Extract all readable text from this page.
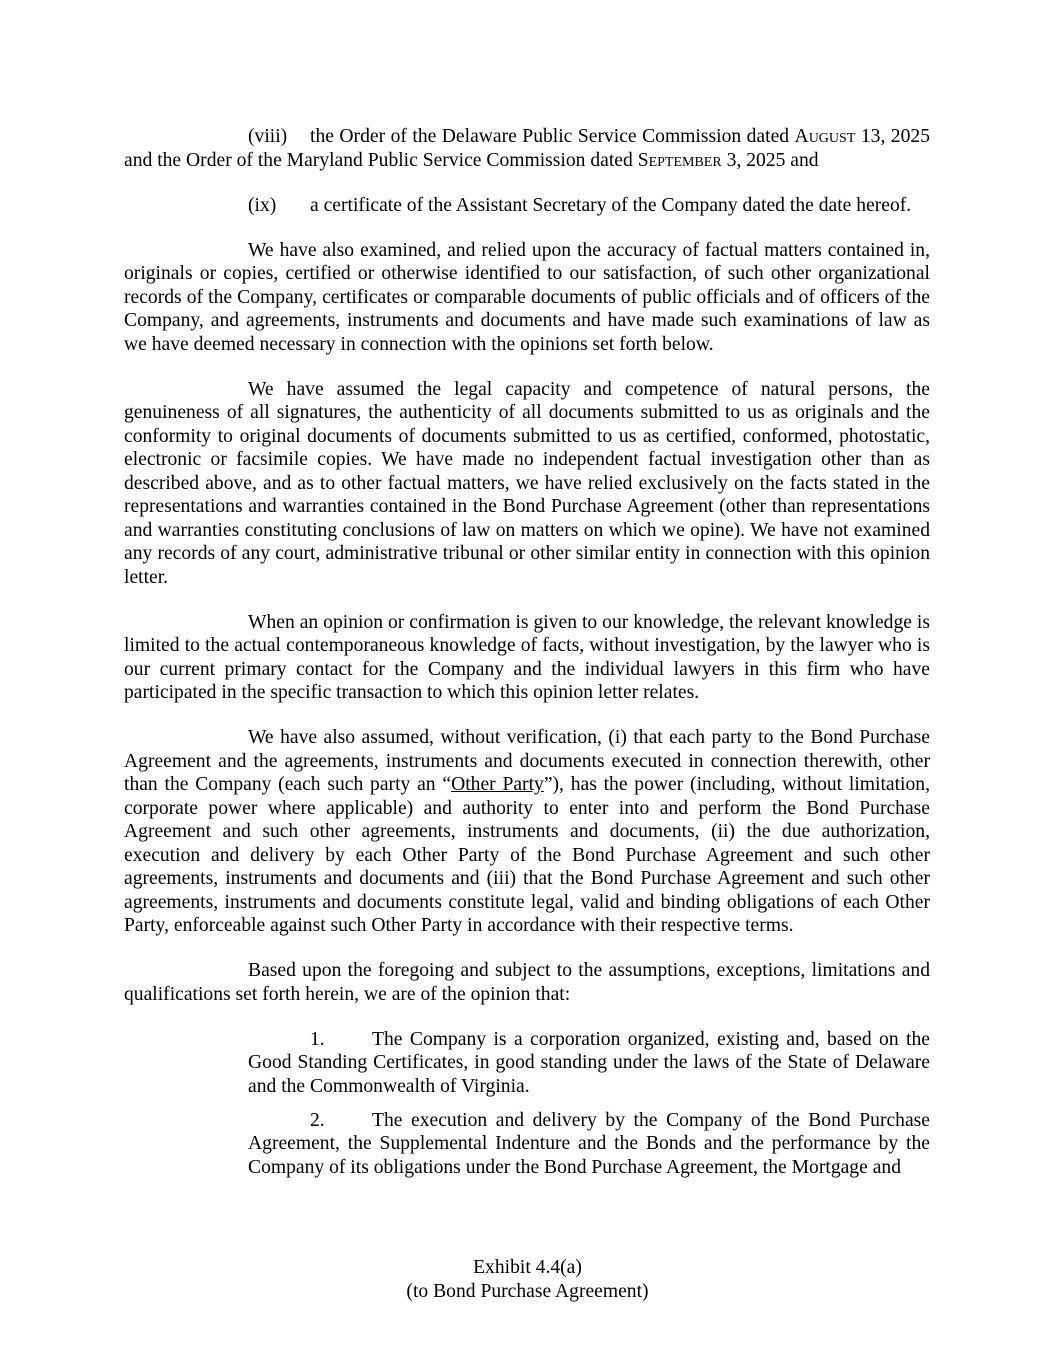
(viii) the Order of the Delaware Public Service Commission dated August 13, 2025 and the Order of the Maryland Public Service Commission dated September 3, 2025 and

(ix) a certificate of the Assistant Secretary of the Company dated the date hereof.

We have also examined, and relied upon the accuracy of factual matters contained in, originals or copies, certified or otherwise identified to our satisfaction, of such other organizational records of the Company, certificates or comparable documents of public officials and of officers of the Company, and agreements, instruments and documents and have made such examinations of law as we have deemed necessary in connection with the opinions set forth below.

We have assumed the legal capacity and competence of natural persons, the genuineness of all signatures, the authenticity of all documents submitted to us as originals and the conformity to original documents of documents submitted to us as certified, conformed, photostatic, electronic or facsimile copies. We have made no independent factual investigation other than as described above, and as to other factual matters, we have relied exclusively on the facts stated in the representations and warranties contained in the Bond Purchase Agreement (other than representations and warranties constituting conclusions of law on matters on which we opine). We have not examined any records of any court, administrative tribunal or other similar entity in connection with this opinion letter.

When an opinion or confirmation is given to our knowledge, the relevant knowledge is limited to the actual contemporaneous knowledge of facts, without investigation, by the lawyer who is our current primary contact for the Company and the individual lawyers in this firm who have participated in the specific transaction to which this opinion letter relates.

We have also assumed, without verification, (i) that each party to the Bond Purchase Agreement and the agreements, instruments and documents executed in connection therewith, other than the Company (each such party an “Other Party”), has the power (including, without limitation, corporate power where applicable) and authority to enter into and perform the Bond Purchase Agreement and such other agreements, instruments and documents, (ii) the due authorization, execution and delivery by each Other Party of the Bond Purchase Agreement and such other agreements, instruments and documents and (iii) that the Bond Purchase Agreement and such other agreements, instruments and documents constitute legal, valid and binding obligations of each Other Party, enforceable against such Other Party in accordance with their respective terms.

Based upon the foregoing and subject to the assumptions, exceptions, limitations and qualifications set forth herein, we are of the opinion that:

1. The Company is a corporation organized, existing and, based on the Good Standing Certificates, in good standing under the laws of the State of Delaware and the Commonwealth of Virginia.

2. The execution and delivery by the Company of the Bond Purchase Agreement, the Supplemental Indenture and the Bonds and the performance by the Company of its obligations under the Bond Purchase Agreement, the Mortgage and

Exhibit 4.4(a)
(to Bond Purchase Agreement)
